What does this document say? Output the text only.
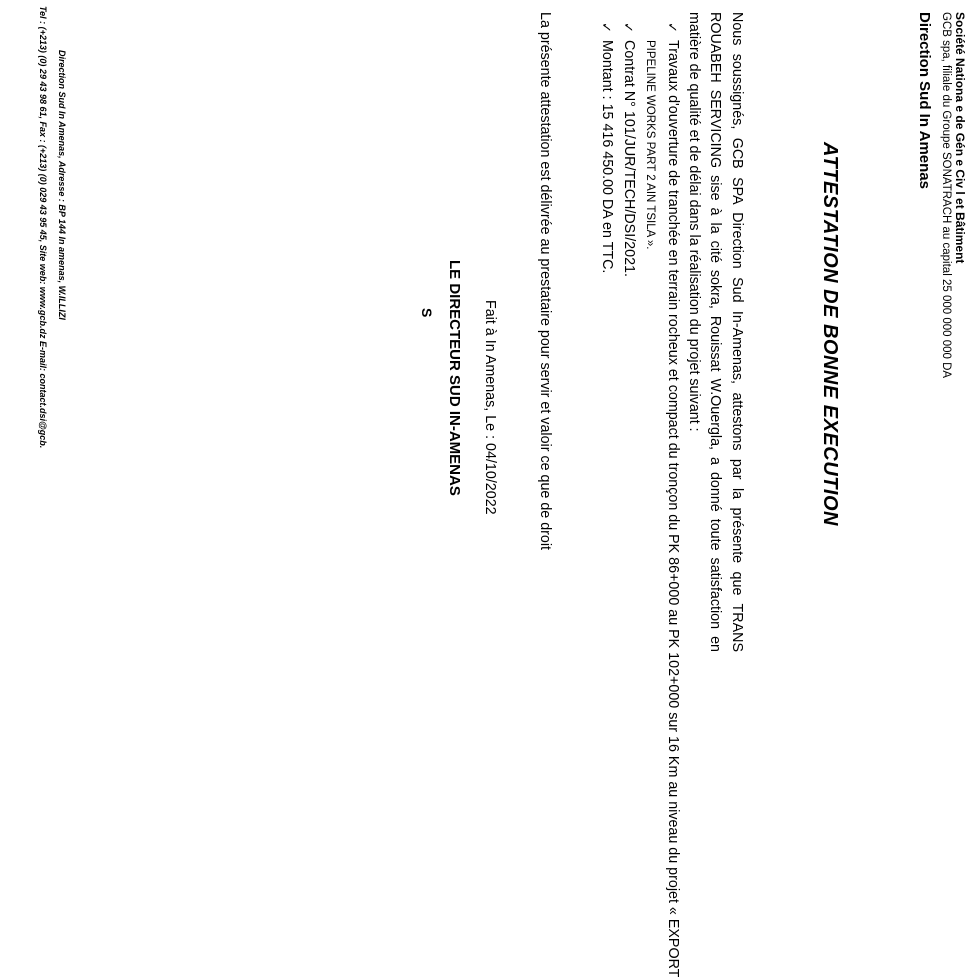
Société Nationa e de Gén e Civ l et Bâtiment
GCB spa, filiale du Groupe SONATRACH au capital 25 000 000 000 DA
Direction Sud In Amenas
ATTESTATION DE BONNE EXECUTION
Nous soussignés, GCB SPA Direction Sud In-Amenas, attestons par la présente que TRANS ROUABEH SERVICING sise à la cité sokra, Rouissat W.Ouergla, a donné toute satisfaction en matière de qualité et de délai dans la réalisation du projet suivant :
✓
Travaux d'ouverture de tranchée en terrain rocheux et compact du tronçon du PK 86+000 au PK 102+000 sur 16 Km au niveau du projet « EXPORT
PIPELINE WORKS PART 2 AIN TSILA ».
✓
Contrat N° 101/JUR/TECH/DSI/2021.
✓
Montant : 15 416 450.00 DA en TTC.
La présente attestation est délivrée au prestataire pour servir et valoir ce que de droit
Fait à In Amenas, Le : 04/10/2022
LE DIRECTEUR SUD IN-AMENAS
S
Direction Sud In Amenas, Adresse : BP 144 In amenas, W.ILLIZI
Tel : (+213) (0) 29 43 98 61, Fax : (+213) (0) 029 43 95 45, Site web: www.gcb.dz E-mail: contact.dsi@gcb.
